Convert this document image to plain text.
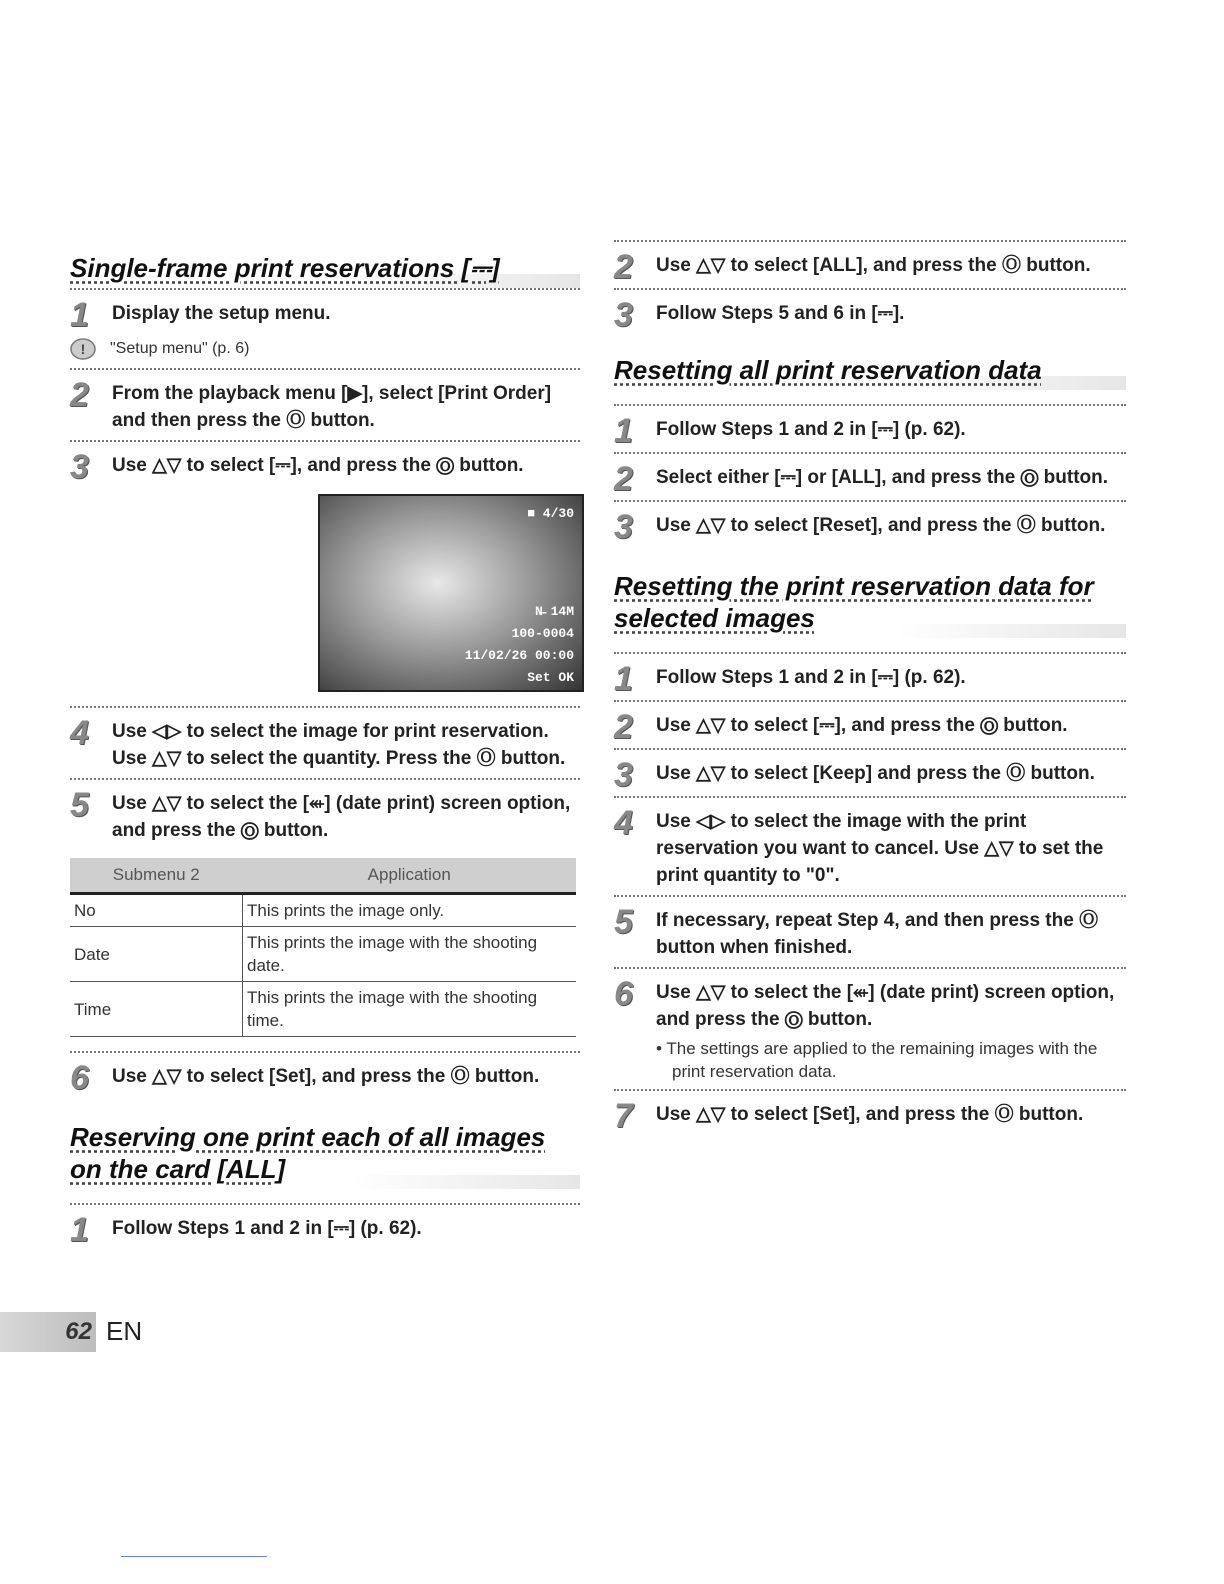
Single-frame print reservations [⎓]
1	Display the setup menu.
! "Setup menu" (p. 6)
2	From the playback menu [▶], select [Print Order] and then press the Ⓞ button.
3	Use △▽ to select [⎓], and press the Ⓞ button.
■ 4/30
N̶ 14M
100-0004
11/02/26 00:00
Set OK
4	Use ◁▷ to select the image for print reservation. Use △▽ to select the quantity. Press the Ⓞ button.
5	Use △▽ to select the [⬴] (date print) screen option, and press the Ⓞ button.
Submenu 2	Application
No	This prints the image only.
Date	This prints the image with the shooting date.
Time	This prints the image with the shooting time.
6	Use △▽ to select [Set], and press the Ⓞ button.
Reserving one print each of all images on the card [ALL]
1	Follow Steps 1 and 2 in [⎓] (p. 62).
2	Use △▽ to select [ALL], and press the Ⓞ button.
3	Follow Steps 5 and 6 in [⎓].
Resetting all print reservation data
1	Follow Steps 1 and 2 in [⎓] (p. 62).
2	Select either [⎓] or [ALL], and press the Ⓞ button.
3	Use △▽ to select [Reset], and press the Ⓞ button.
Resetting the print reservation data for selected images
1	Follow Steps 1 and 2 in [⎓] (p. 62).
2	Use △▽ to select [⎓], and press the Ⓞ button.
3	Use △▽ to select [Keep] and press the Ⓞ button.
4	Use ◁▷ to select the image with the print reservation you want to cancel. Use △▽ to set the print quantity to "0".
5	If necessary, repeat Step 4, and then press the Ⓞ button when finished.
6	Use △▽ to select the [⬴] (date print) screen option, and press the Ⓞ button.
• The settings are applied to the remaining images with the print reservation data.
7	Use △▽ to select [Set], and press the Ⓞ button.
62 EN
